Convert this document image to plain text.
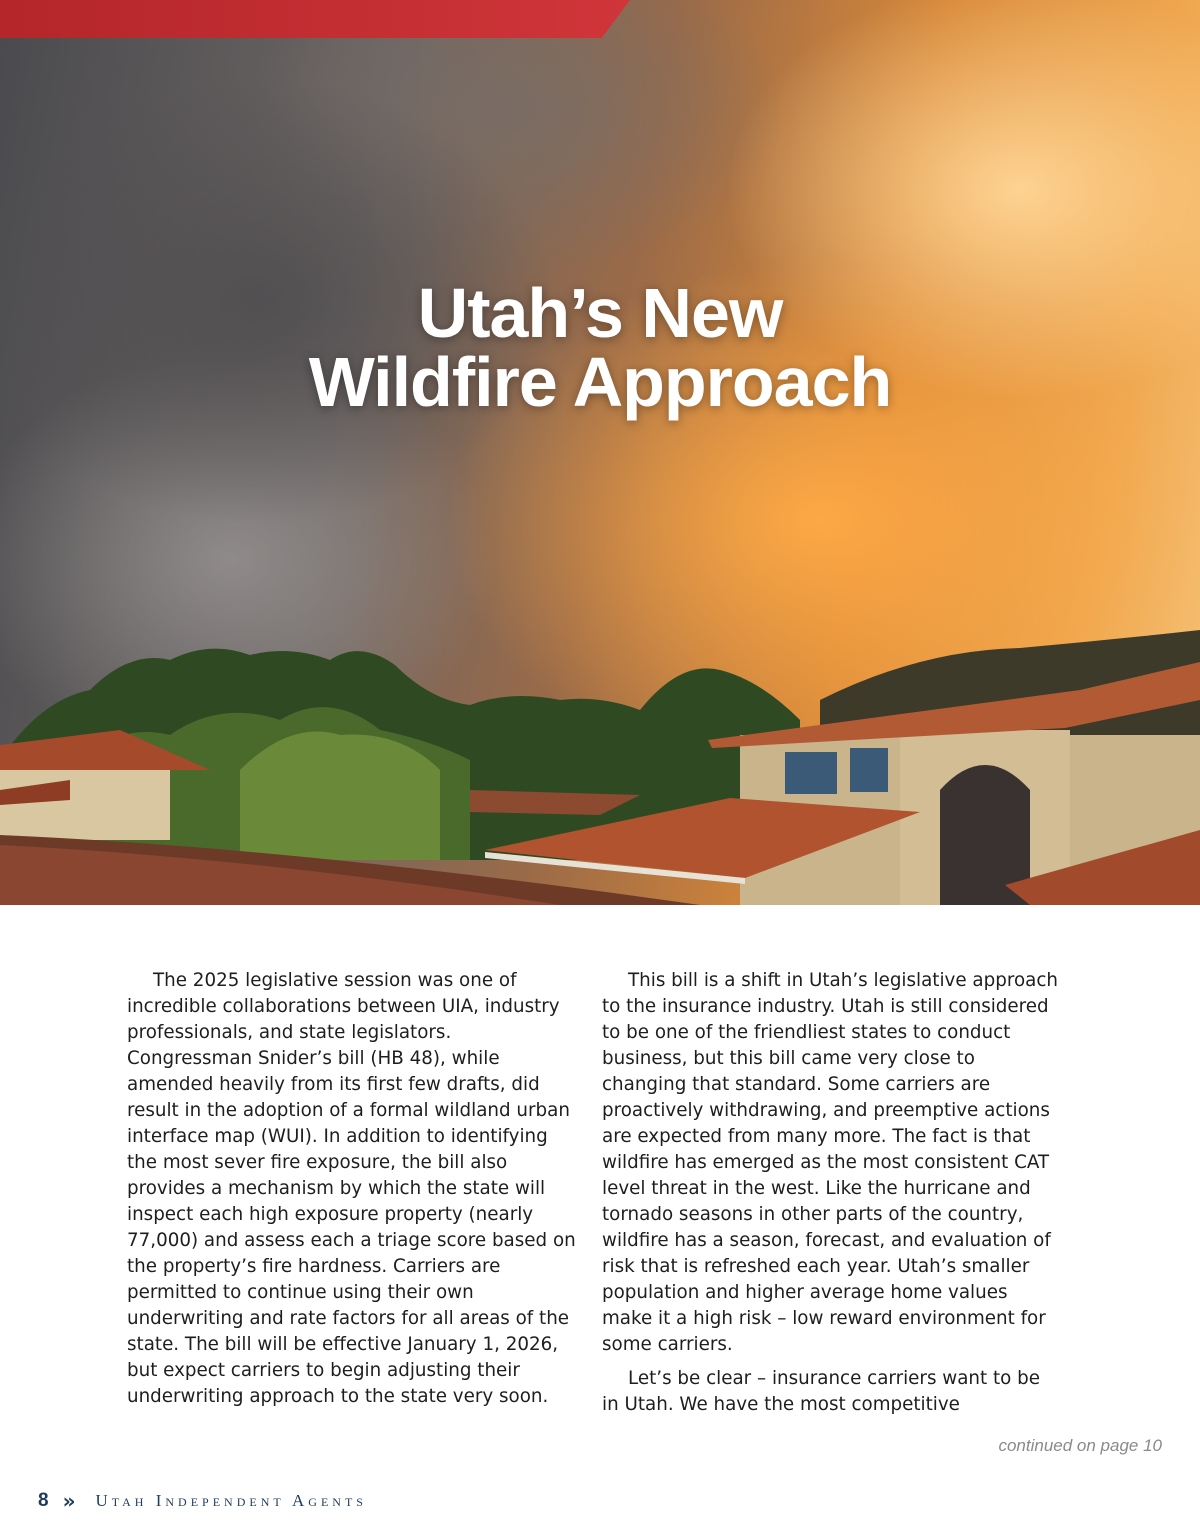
Utah’s New
Wildfire Approach

The 2025 legislative session was one of incredible collaborations between UIA, industry professionals, and state legislators. Congressman Snider’s bill (HB 48), while amended heavily from its first few drafts, did result in the adoption of a formal wildland urban interface map (WUI). In addition to identifying the most sever fire exposure, the bill also provides a mechanism by which the state will inspect each high exposure property (nearly 77,000) and assess each a triage score based on the property’s fire hardness. Carriers are permitted to continue using their own underwriting and rate factors for all areas of the state. The bill will be effective January 1, 2026, but expect carriers to begin adjusting their underwriting approach to the state very soon.

This bill is a shift in Utah’s legislative approach to the insurance industry. Utah is still considered to be one of the friendliest states to conduct business, but this bill came very close to changing that standard. Some carriers are proactively withdrawing, and preemptive actions are expected from many more. The fact is that wildfire has emerged as the most consistent CAT level threat in the west. Like the hurricane and tornado seasons in other parts of the country, wildfire has a season, forecast, and evaluation of risk that is refreshed each year. Utah’s smaller population and higher average home values make it a high risk – low reward environment for some carriers.

Let’s be clear – insurance carriers want to be in Utah. We have the most competitive

continued on page 10
8 » Utah Independent Agents
